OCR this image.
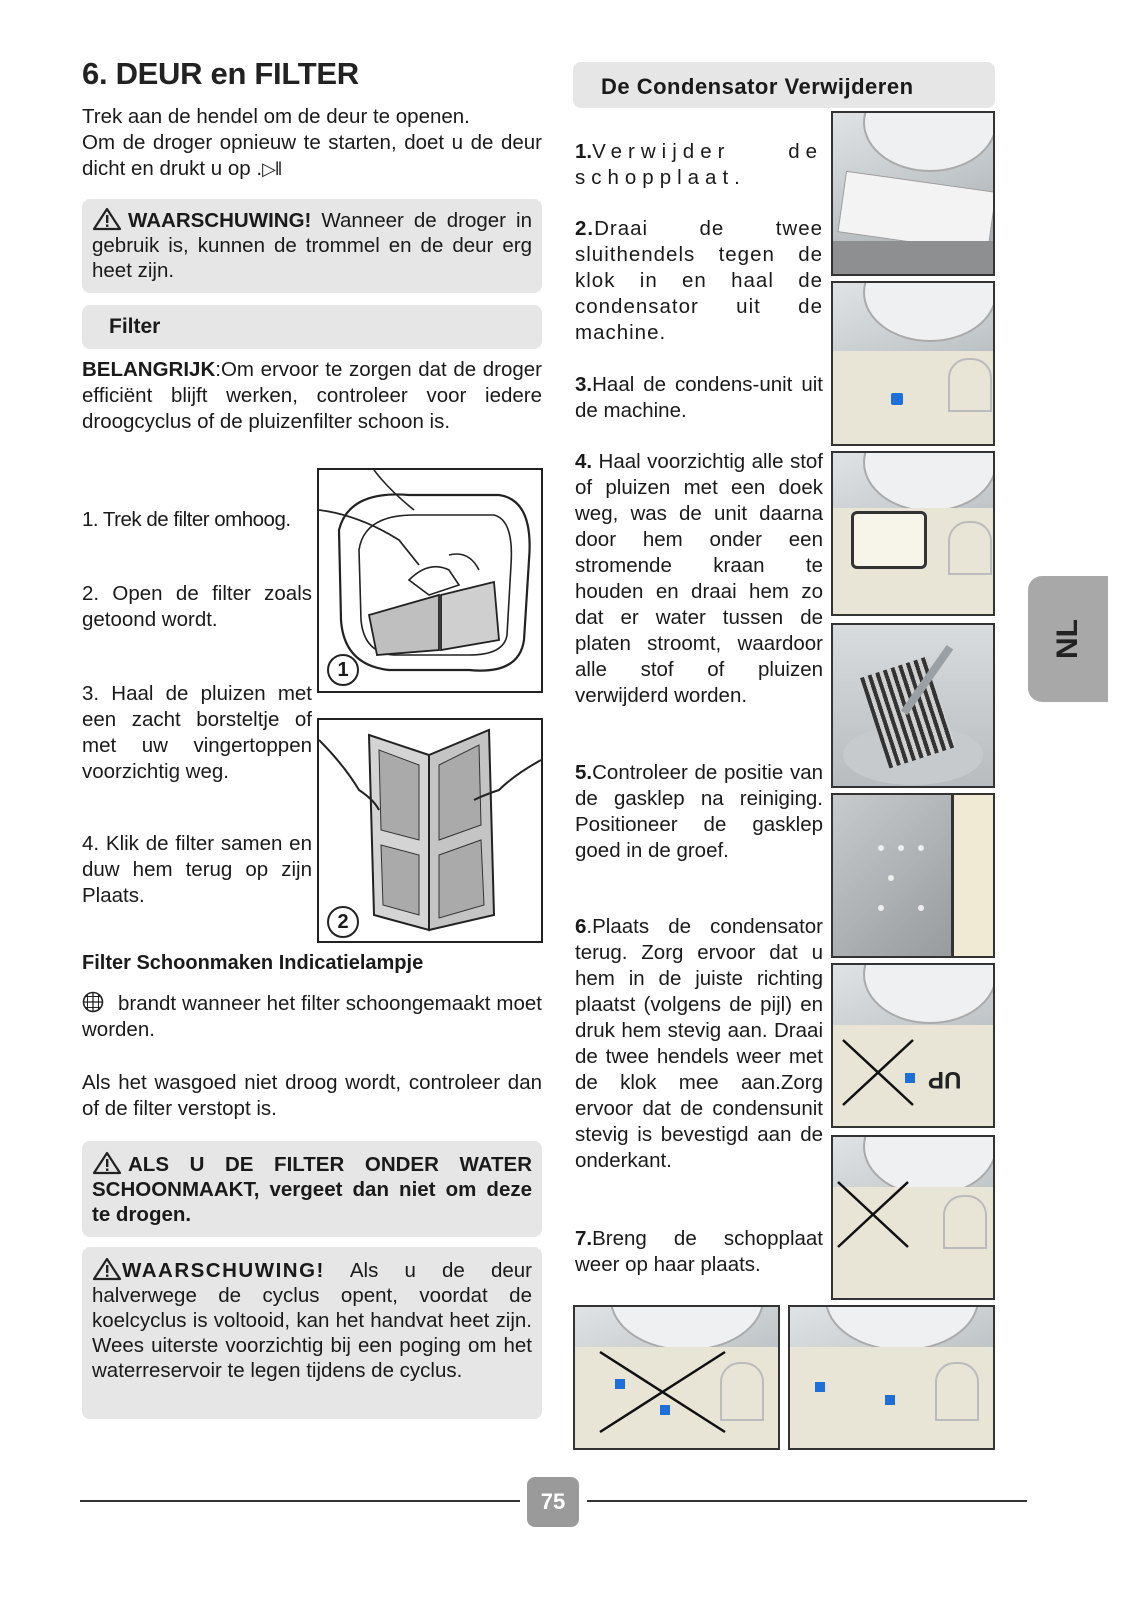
6. DEUR en FILTER
Trek aan de hendel om de deur te openen.
Om de droger opnieuw te starten, doet u de deur dicht en drukt u op .▷‖
WAARSCHUWING! Wanneer de droger in gebruik is, kunnen de trommel en de deur erg heet zijn.
Filter
BELANGRIJK:Om ervoor te zorgen dat de droger efficiënt blijft werken, controleer voor iedere droogcyclus of de pluizenfilter schoon is.
1. Trek de filter omhoog.
2. Open de filter zoals getoond wordt.
3. Haal de pluizen met een zacht borsteltje of met uw vingertoppen voorzichtig weg.
4. Klik de filter samen en duw hem terug op zijn Plaats.
1
2
Filter Schoonmaken Indicatielampje
brandt wanneer het filter schoongemaakt moet worden.
Als het wasgoed niet droog wordt, controleer dan of de filter verstopt is.
ALS U DE FILTER ONDER WATER SCHOONMAAKT, vergeet dan niet om deze te drogen.
WAARSCHUWING! Als u de deur halverwege de cyclus opent, voordat de koelcyclus is voltooid, kan het handvat heet zijn. Wees uiterste voorzichtig bij een poging om het waterreservoir te legen tijdens de cyclus.
De Condensator Verwijderen
1.Verwijder de schopplaat.
2.Draai de twee sluithendels tegen de klok in en haal de condensator uit de machine.
3.Haal de condens-unit uit de machine.
4. Haal voorzichtig alle stof of pluizen met een doek weg, was de unit daarna door hem onder een stromende kraan te houden en draai hem zo dat er water tussen de platen stroomt, waardoor alle stof of pluizen verwijderd worden.
5.Controleer de positie van de gasklep na reiniging. Positioneer de gasklep goed in de groef.
6.Plaats de condensator terug. Zorg ervoor dat u hem in de juiste richting plaatst (volgens de pijl) en druk hem stevig aan. Draai de twee hendels weer met de klok mee aan.Zorg ervoor dat de condensunit stevig is bevestigd aan de onderkant.
7.Breng de schopplaat weer op haar plaats.
UP
NL
75
